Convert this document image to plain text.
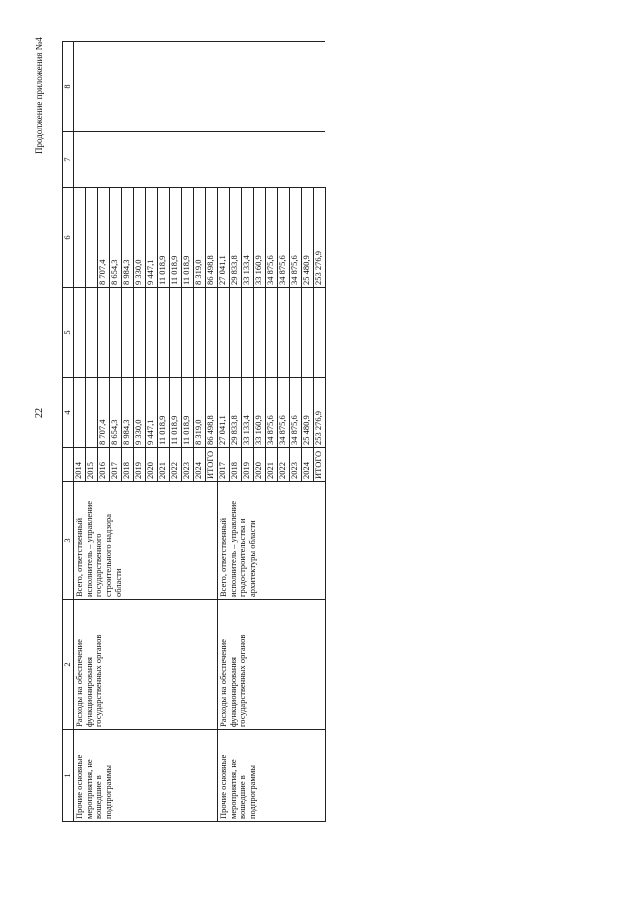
22
Продолжение приложения №4
1	2	3		4	5	6	7	8
Прочие основные мероприятия, не вошедшие в подпрограммы	Расходы на обеспечение функционирования государственных органов	Всего, ответственный исполнитель – управление государственного строительного надзора области	2014					
			2015					
			2016	8 707,4		8 707,4		
			2017	8 654,3		8 654,3		
			2018	8 984,3		8 984,3		
			2019	9 330,0		9 330,0		
			2020	9 447,1		9 447,1		
			2021	11 018,9		11 018,9		
			2022	11 018,9		11 018,9		
			2023	11 018,9		11 018,9		
			2024	8 319,0		8 319,0		
			ИТОГО	86 498,8		86 498,8		
Прочие основные мероприятия, не вошедшие в подпрограммы	Расходы на обеспечение функционирования государственных органов	Всего, ответственный исполнитель – управление градостроительства и архитектуры области	2017	27 041,1		27 041,1		
			2018	29 833,8		29 833,8		
			2019	33 133,4		33 133,4		
			2020	33 160,9		33 160,9		
			2021	34 875,6		34 875,6		
			2022	34 875,6		34 875,6		
			2023	34 875,6		34 875,6		
			2024	25 480,9		25 480,9		
			ИТОГО	253 276,9		253 276,9		
